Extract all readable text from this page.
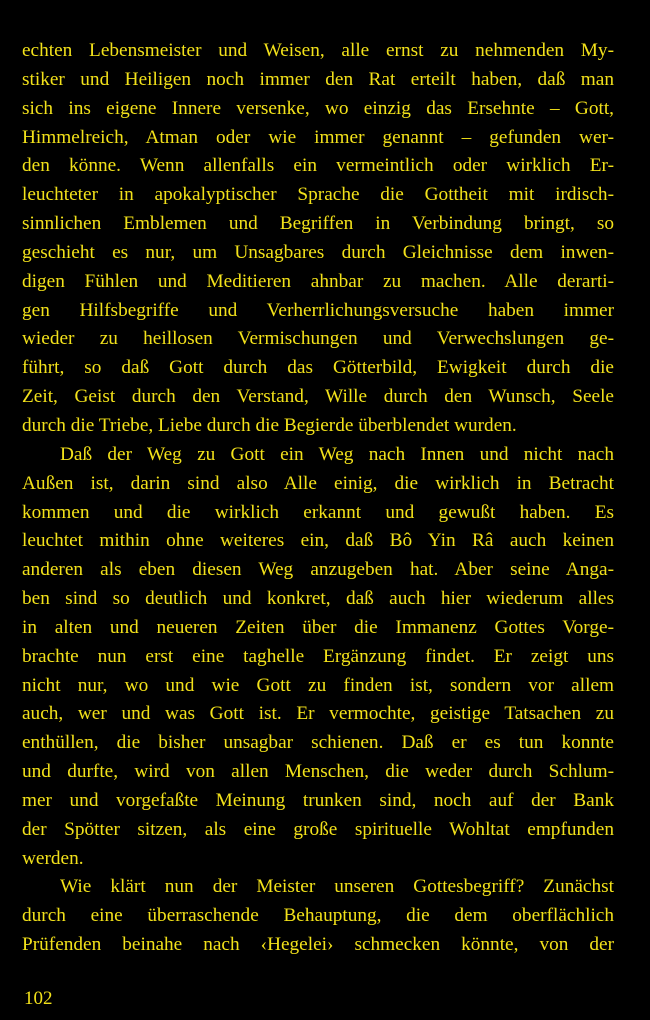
echten Lebensmeister und Weisen, alle ernst zu nehmenden My-
stiker und Heiligen noch immer den Rat erteilt haben, daß man
sich ins eigene Innere versenke, wo einzig das Ersehnte – Gott,
Himmelreich, Atman oder wie immer genannt – gefunden wer-
den könne. Wenn allenfalls ein vermeintlich oder wirklich Er-
leuchteter in apokalyptischer Sprache die Gottheit mit irdisch-
sinnlichen Emblemen und Begriffen in Verbindung bringt, so
geschieht es nur, um Unsagbares durch Gleichnisse dem inwen-
digen Fühlen und Meditieren ahnbar zu machen. Alle derarti-
gen Hilfsbegriffe und Verherrlichungsversuche haben immer
wieder zu heillosen Vermischungen und Verwechslungen ge-
führt, so daß Gott durch das Götterbild, Ewigkeit durch die
Zeit, Geist durch den Verstand, Wille durch den Wunsch, Seele
durch die Triebe, Liebe durch die Begierde überblendet wurden.
Daß der Weg zu Gott ein Weg nach Innen und nicht nach
Außen ist, darin sind also Alle einig, die wirklich in Betracht
kommen und die wirklich erkannt und gewußt haben. Es
leuchtet mithin ohne weiteres ein, daß Bô Yin Râ auch keinen
anderen als eben diesen Weg anzugeben hat. Aber seine Anga-
ben sind so deutlich und konkret, daß auch hier wiederum alles
in alten und neueren Zeiten über die Immanenz Gottes Vorge-
brachte nun erst eine taghelle Ergänzung findet. Er zeigt uns
nicht nur, wo und wie Gott zu finden ist, sondern vor allem
auch, wer und was Gott ist. Er vermochte, geistige Tatsachen zu
enthüllen, die bisher unsagbar schienen. Daß er es tun konnte
und durfte, wird von allen Menschen, die weder durch Schlum-
mer und vorgefaßte Meinung trunken sind, noch auf der Bank
der Spötter sitzen, als eine große spirituelle Wohltat empfunden
werden.
Wie klärt nun der Meister unseren Gottesbegriff? Zunächst
durch eine überraschende Behauptung, die dem oberflächlich
Prüfenden beinahe nach ‹Hegelei› schmecken könnte, von der
102
